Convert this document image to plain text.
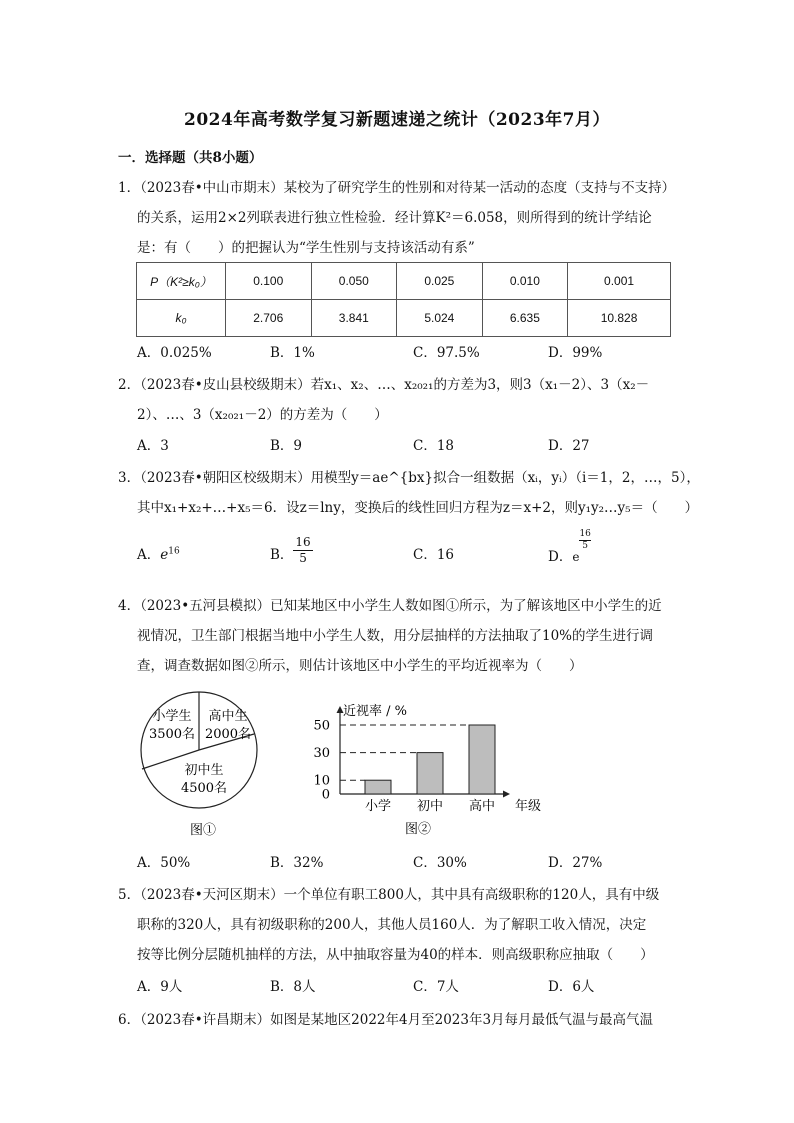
2024年高考数学复习新题速递之统计（2023年7月）
一．选择题（共8小题）
1．（2023春•中山市期末）某校为了研究学生的性别和对待某一活动的态度（支持与不支持）
的关系，运用2×2列联表进行独立性检验．经计算K²＝6.058，则所得到的统计学结论
是：有（　　）的把握认为“学生性别与支持该活动有系”
P（K²≥k₀）	0.100	0.050	0.025	0.010	0.001
k₀	2.706	3.841	5.024	6.635	10.828
A．0.025%	B．1%	C．97.5%	D．99%
2．（2023春•皮山县校级期末）若x₁、x₂、…、x₂₀₂₁的方差为3，则3（x₁－2）、3（x₂－
2）、…、3（x₂₀₂₁－2）的方差为（　　）
A．3	B．9	C．18	D．27
3．（2023春•朝阳区校级期末）用模型y＝ae^{bx}拟合一组数据（xᵢ，yᵢ）（i＝1，2，…，5），
其中x₁+x₂+…+x₅＝6．设z＝lny，变换后的线性回归方程为z＝x+2，则y₁y₂…y₅＝（　　）
A．$e^{16}$	B． $\frac{16}{5}$	C．16	D．e
$\frac{16}{5}$
4．（2023•五河县模拟）已知某地区中小学生人数如图①所示，为了解该地区中小学生的近
视情况，卫生部门根据当地中小学生人数，用分层抽样的方法抽取了10%的学生进行调
查，调查数据如图②所示，则估计该地区中小学生的平均近视率为（　　）
小学生
3500名
高中生
2000名
初中生
4500名
图①
近视率 / %
年级
50
30
10
0
小学 初中 高中
图②
A．50%	B．32%	C．30%	D．27%
5．（2023春•天河区期末）一个单位有职工800人，其中具有高级职称的120人，具有中级
职称的320人，具有初级职称的200人，其他人员160人．为了解职工收入情况，决定
按等比例分层随机抽样的方法，从中抽取容量为40的样本．则高级职称应抽取（　　）
A．9人	B．8人	C．7人	D．6人
6．（2023春•许昌期末）如图是某地区2022年4月至2023年3月每月最低气温与最高气温
